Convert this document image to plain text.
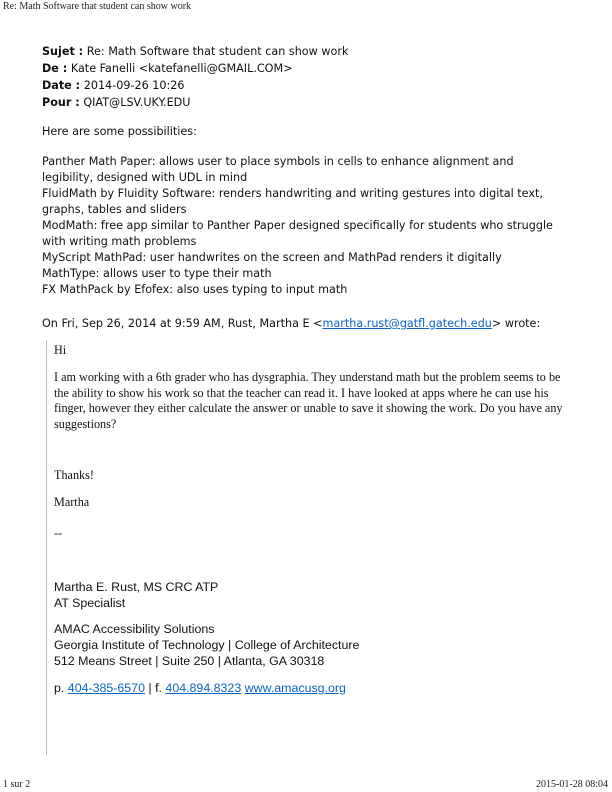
Re: Math Software that student can show work
Sujet : Re: Math Software that student can show work
De : Kate Fanelli <katefanelli@GMAIL.COM>
Date : 2014-09-26 10:26
Pour : QIAT@LSV.UKY.EDU
Here are some possibilities:

Panther Math Paper: allows user to place symbols in cells to enhance alignment and legibility, designed with UDL in mind

FluidMath by Fluidity Software: renders handwriting and writing gestures into digital text, graphs, tables and sliders

ModMath: free app similar to Panther Paper designed specifically for students who struggle with writing math problems

MyScript MathPad: user handwrites on the screen and MathPad renders it digitally

MathType: allows user to type their math

FX MathPack by Efofex: also uses typing to input math

On Fri, Sep 26, 2014 at 9:59 AM, Rust, Martha E <martha.rust@gatfl.gatech.edu> wrote:
Hi
I am working with a 6th grader who has dysgraphia. They understand math but the problem seems to be the ability to show his work so that the teacher can read it. I have looked at apps where he can use his finger, however they either calculate the answer or unable to save it showing the work. Do you have any suggestions?
Thanks!
Martha
--
Martha E. Rust, MS CRC ATP
AT Specialist
AMAC Accessibility Solutions
Georgia Institute of Technology | College of Architecture
512 Means Street | Suite 250 | Atlanta, GA 30318
p. 404-385-6570 | f. 404.894.8323 www.amacusg.org
1 sur 2	2015-01-28 08:04
